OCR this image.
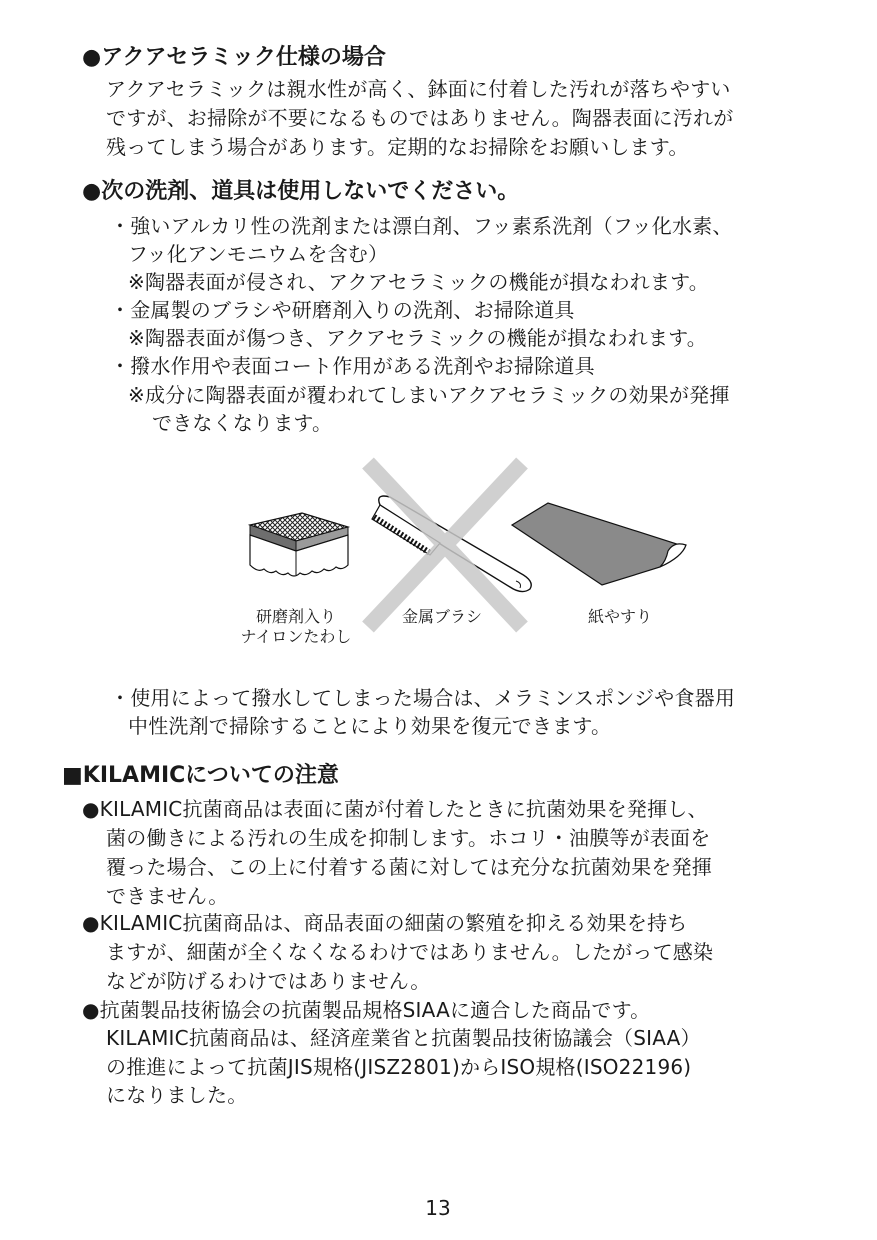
●アクアセラミック仕様の場合
アクアセラミックは親水性が高く、鉢面に付着した汚れが落ちやすい
ですが、お掃除が不要になるものではありません。陶器表面に汚れが
残ってしまう場合があります。定期的なお掃除をお願いします。
●次の洗剤、道具は使用しないでください。
・強いアルカリ性の洗剤または漂白剤、フッ素系洗剤（フッ化水素、
フッ化アンモニウムを含む）
※陶器表面が侵され、アクアセラミックの機能が損なわれます。
・金属製のブラシや研磨剤入りの洗剤、お掃除道具
※陶器表面が傷つき、アクアセラミックの機能が損なわれます。
・撥水作用や表面コート作用がある洗剤やお掃除道具
※成分に陶器表面が覆われてしまいアクアセラミックの効果が発揮
できなくなります。
研磨剤入り
ナイロンたわし
金属ブラシ	紙やすり
・使用によって撥水してしまった場合は、メラミンスポンジや食器用
中性洗剤で掃除することにより効果を復元できます。
■KILAMICについての注意
●KILAMIC抗菌商品は表面に菌が付着したときに抗菌効果を発揮し、
菌の働きによる汚れの生成を抑制します。ホコリ・油膜等が表面を
覆った場合、この上に付着する菌に対しては充分な抗菌効果を発揮
できません。
●KILAMIC抗菌商品は、商品表面の細菌の繁殖を抑える効果を持ち
ますが、細菌が全くなくなるわけではありません。したがって感染
などが防げるわけではありません。
●抗菌製品技術協会の抗菌製品規格SIAAに適合した商品です。
KILAMIC抗菌商品は、経済産業省と抗菌製品技術協議会（SIAA）
の推進によって抗菌JIS規格(JISZ2801)からISO規格(ISO22196)
になりました。
13
